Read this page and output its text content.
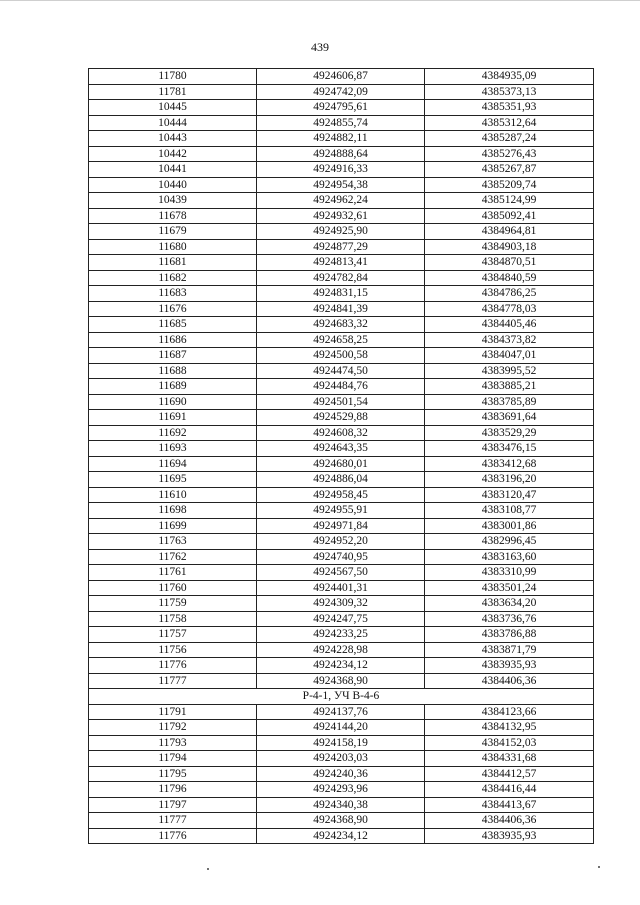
439
11780	4924606,87	4384935,09
11781	4924742,09	4385373,13
10445	4924795,61	4385351,93
10444	4924855,74	4385312,64
10443	4924882,11	4385287,24
10442	4924888,64	4385276,43
10441	4924916,33	4385267,87
10440	4924954,38	4385209,74
10439	4924962,24	4385124,99
11678	4924932,61	4385092,41
11679	4924925,90	4384964,81
11680	4924877,29	4384903,18
11681	4924813,41	4384870,51
11682	4924782,84	4384840,59
11683	4924831,15	4384786,25
11676	4924841,39	4384778,03
11685	4924683,32	4384405,46
11686	4924658,25	4384373,82
11687	4924500,58	4384047,01
11688	4924474,50	4383995,52
11689	4924484,76	4383885,21
11690	4924501,54	4383785,89
11691	4924529,88	4383691,64
11692	4924608,32	4383529,29
11693	4924643,35	4383476,15
11694	4924680,01	4383412,68
11695	4924886,04	4383196,20
11610	4924958,45	4383120,47
11698	4924955,91	4383108,77
11699	4924971,84	4383001,86
11763	4924952,20	4382996,45
11762	4924740,95	4383163,60
11761	4924567,50	4383310,99
11760	4924401,31	4383501,24
11759	4924309,32	4383634,20
11758	4924247,75	4383736,76
11757	4924233,25	4383786,88
11756	4924228,98	4383871,79
11776	4924234,12	4383935,93
11777	4924368,90	4384406,36
Р-4-1, УЧ В-4-6		
11791	4924137,76	4384123,66
11792	4924144,20	4384132,95
11793	4924158,19	4384152,03
11794	4924203,03	4384331,68
11795	4924240,36	4384412,57
11796	4924293,96	4384416,44
11797	4924340,38	4384413,67
11777	4924368,90	4384406,36
11776	4924234,12	4383935,93
